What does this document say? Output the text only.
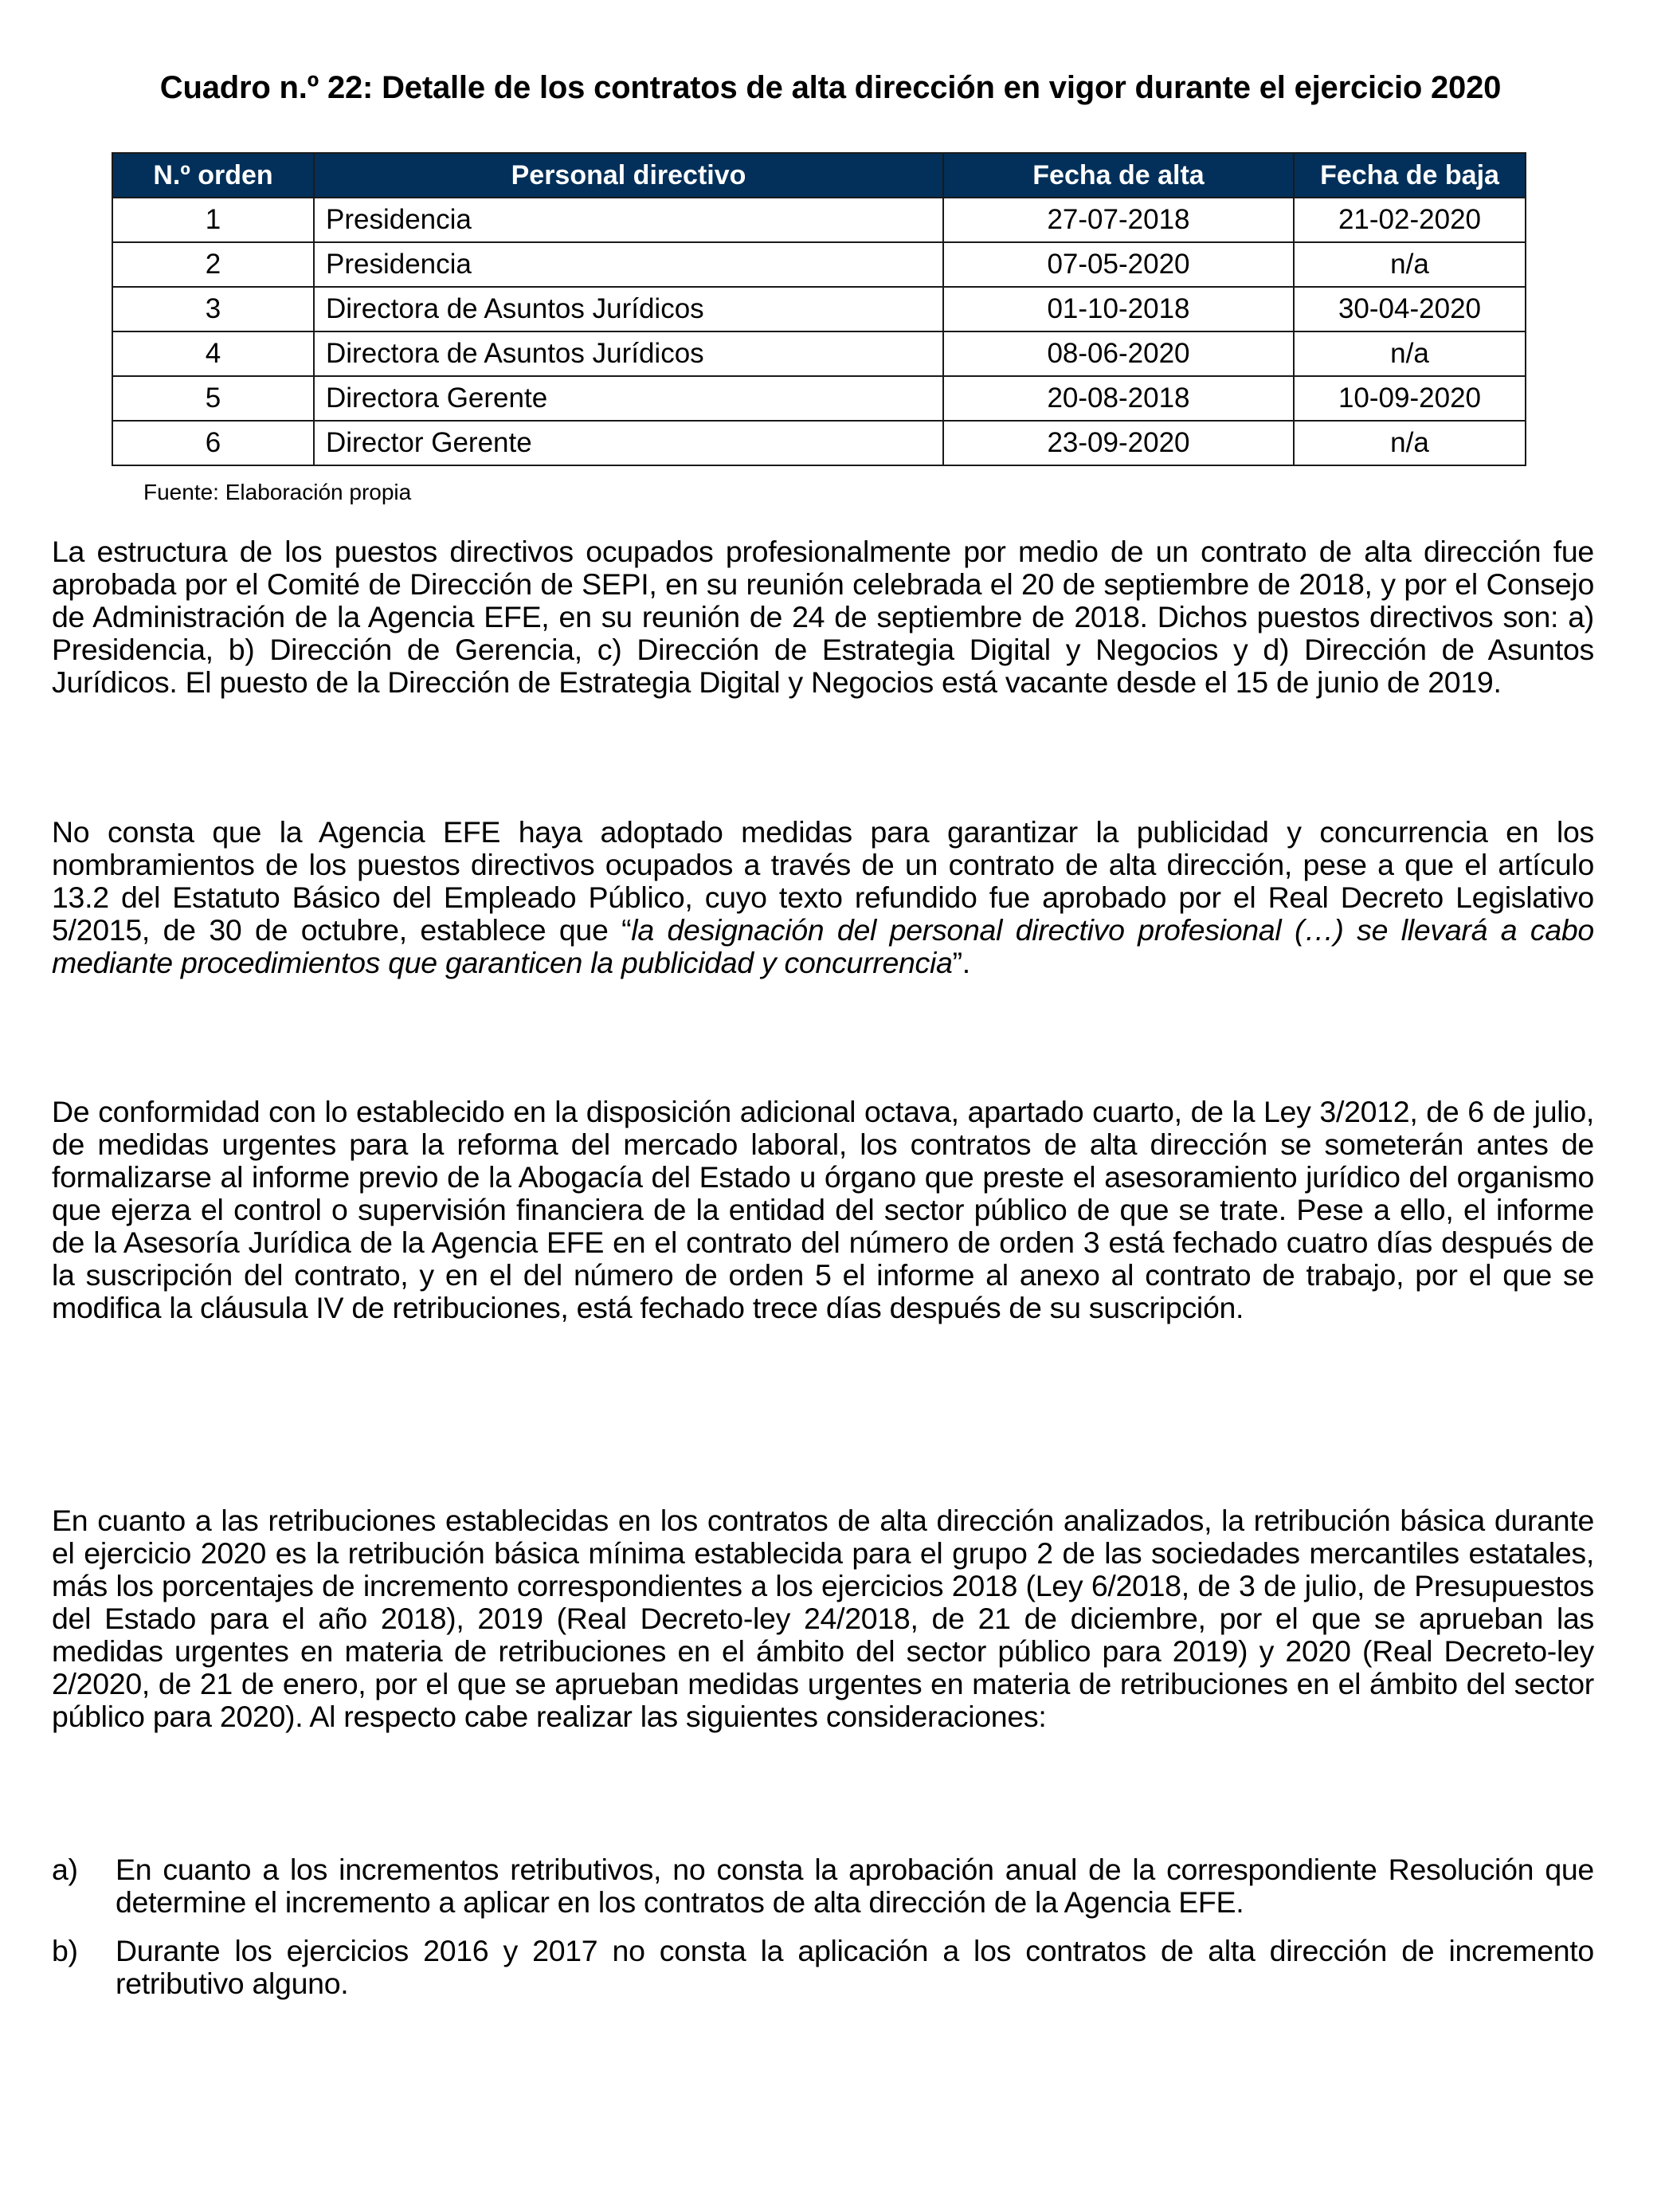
Cuadro n.º 22: Detalle de los contratos de alta dirección en vigor durante el ejercicio 2020
N.º orden	Personal directivo	Fecha de alta	Fecha de baja
1	Presidencia	27-07-2018	21-02-2020
2	Presidencia	07-05-2020	n/a
3	Directora de Asuntos Jurídicos	01-10-2018	30-04-2020
4	Directora de Asuntos Jurídicos	08-06-2020	n/a
5	Directora Gerente	20-08-2018	10-09-2020
6	Director Gerente	23-09-2020	n/a
Fuente: Elaboración propia

La estructura de los puestos directivos ocupados profesionalmente por medio de un contrato de alta dirección fue aprobada por el Comité de Dirección de SEPI, en su reunión celebrada el 20 de septiembre de 2018, y por el Consejo de Administración de la Agencia EFE, en su reunión de 24 de septiembre de 2018. Dichos puestos directivos son: a) Presidencia, b) Dirección de Gerencia, c) Dirección de Estrategia Digital y Negocios y d) Dirección de Asuntos Jurídicos. El puesto de la Dirección de Estrategia Digital y Negocios está vacante desde el 15 de junio de 2019.

No consta que la Agencia EFE haya adoptado medidas para garantizar la publicidad y concurrencia en los nombramientos de los puestos directivos ocupados a través de un contrato de alta dirección, pese a que el artículo 13.2 del Estatuto Básico del Empleado Público, cuyo texto refundido fue aprobado por el Real Decreto Legislativo 5/2015, de 30 de octubre, establece que “la designación del personal directivo profesional (…) se llevará a cabo mediante procedimientos que garanticen la publicidad y concurrencia”.

De conformidad con lo establecido en la disposición adicional octava, apartado cuarto, de la Ley 3/2012, de 6 de julio, de medidas urgentes para la reforma del mercado laboral, los contratos de alta dirección se someterán antes de formalizarse al informe previo de la Abogacía del Estado u órgano que preste el asesoramiento jurídico del organismo que ejerza el control o supervisión financiera de la entidad del sector público de que se trate. Pese a ello, el informe de la Asesoría Jurídica de la Agencia EFE en el contrato del número de orden 3 está fechado cuatro días después de la suscripción del contrato, y en el del número de orden 5 el informe al anexo al contrato de trabajo, por el que se modifica la cláusula IV de retribuciones, está fechado trece días después de su suscripción.

En cuanto a las retribuciones establecidas en los contratos de alta dirección analizados, la retribución básica durante el ejercicio 2020 es la retribución básica mínima establecida para el grupo 2 de las sociedades mercantiles estatales, más los porcentajes de incremento correspondientes a los ejercicios 2018 (Ley 6/2018, de 3 de julio, de Presupuestos del Estado para el año 2018), 2019 (Real Decreto-ley 24/2018, de 21 de diciembre, por el que se aprueban las medidas urgentes en materia de retribuciones en el ámbito del sector público para 2019) y 2020 (Real Decreto-ley 2/2020, de 21 de enero, por el que se aprueban medidas urgentes en materia de retribuciones en el ámbito del sector público para 2020). Al respecto cabe realizar las siguientes consideraciones:

a) En cuanto a los incrementos retributivos, no consta la aprobación anual de la correspondiente Resolución que determine el incremento a aplicar en los contratos de alta dirección de la Agencia EFE.
b) Durante los ejercicios 2016 y 2017 no consta la aplicación a los contratos de alta dirección de incremento retributivo alguno.
